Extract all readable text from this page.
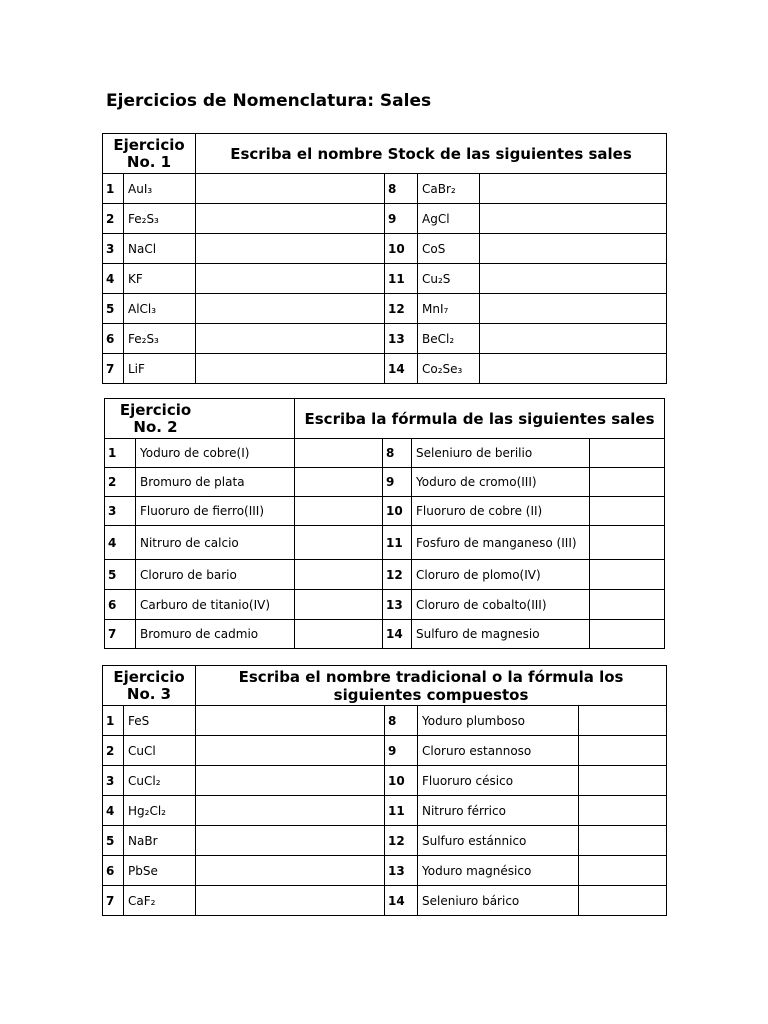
Ejercicios de Nomenclatura: Sales
Ejercicio
No. 1		Escriba el nombre Stock de las siguientes sales			
1	AuI₃		8	CaBr₂	
2	Fe₂S₃		9	AgCl	
3	NaCl		10	CoS	
4	KF		11	Cu₂S	
5	AlCl₃		12	MnI₇	
6	Fe₂S₃		13	BeCl₂	
7	LiF		14	Co₂Se₃	
Ejercicio
No. 2		Escriba la fórmula de las siguientes sales			
1	Yoduro de cobre(I)		8	Seleniuro de berilio	
2	Bromuro de plata		9	Yoduro de cromo(III)	
3	Fluoruro de fierro(III)		10	Fluoruro de cobre (II)	
4	Nitruro de calcio		11	Fosfuro de manganeso (III)	
5	Cloruro de bario		12	Cloruro de plomo(IV)	
6	Carburo de titanio(IV)		13	Cloruro de cobalto(III)	
7	Bromuro de cadmio		14	Sulfuro de magnesio	
Ejercicio
No. 3		Escriba el nombre tradicional o la fórmula los siguientes compuestos			
1	FeS		8	Yoduro plumboso	
2	CuCl		9	Cloruro estannoso	
3	CuCl₂		10	Fluoruro césico	
4	Hg₂Cl₂		11	Nitruro férrico	
5	NaBr		12	Sulfuro estánnico	
6	PbSe		13	Yoduro magnésico	
7	CaF₂		14	Seleniuro bárico	
